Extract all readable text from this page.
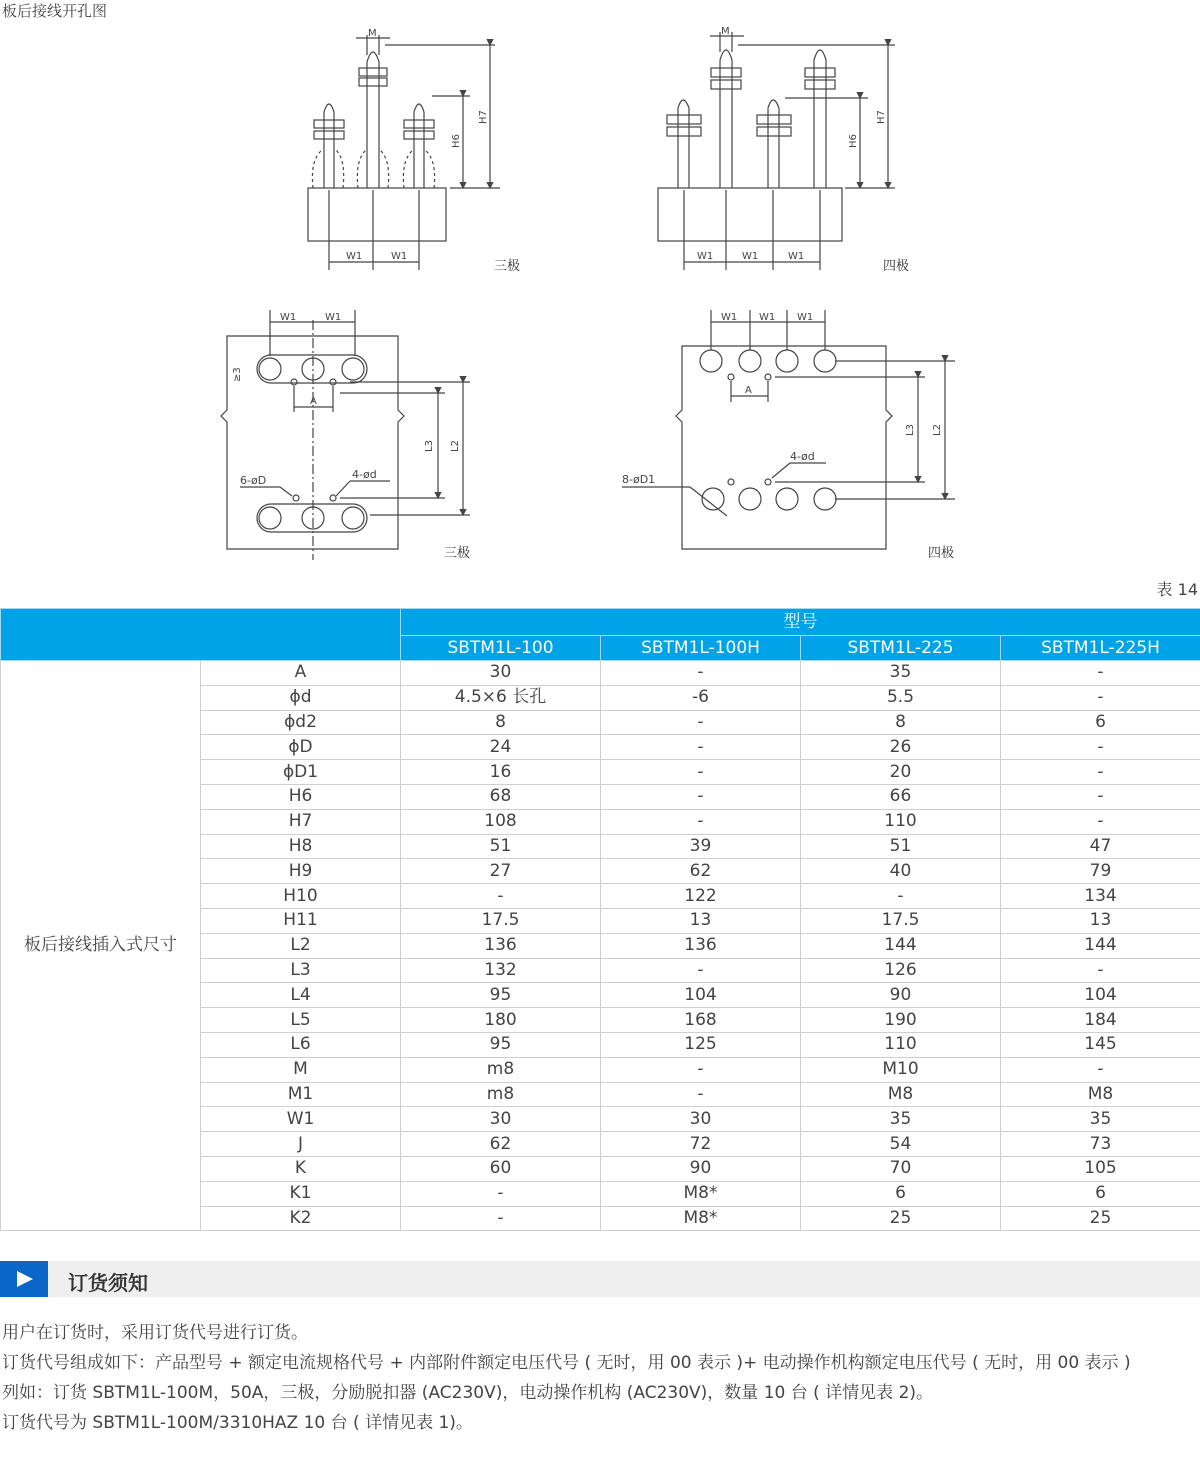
板后接线开孔图
M
H7
H6
W1	W1
三极
M
H7
H6
W1	W1	W1
四极
W1	W1
A
≥3
L3 L2
6-øD	4-ød
三极
W1 W1 W1
A
L3 L2
8-øD1
4-ød
四极
表 14
		型号			
		SBTM1L-100	SBTM1L-100H	SBTM1L-225	SBTM1L-225H
板后接线插入式尺寸	A	30	-	35	-
	ϕd	4.5×6 长孔	-6	5.5	-
	ϕd2	8	-	8	6
	ϕD	24	-	26	-
	ϕD1	16	-	20	-
	H6	68	-	66	-
	H7	108	-	110	-
	H8	51	39	51	47
	H9	27	62	40	79
	H10	-	122	-	134
	H11	17.5	13	17.5	13
	L2	136	136	144	144
	L3	132	-	126	-
	L4	95	104	90	104
	L5	180	168	190	184
	L6	95	125	110	145
	M	m8	-	M10	-
	M1	m8	-	M8	M8
	W1	30	30	35	35
	J	62	72	54	73
	K	60	90	70	105
	K1	-	M8*	6	6
	K2	-	M8*	25	25
订货须知

用户在订货时，采用订货代号进行订货。

订货代号组成如下：产品型号 + 额定电流规格代号 + 内部附件额定电压代号 ( 无时，用 00 表示 )+ 电动操作机构额定电压代号 ( 无时，用 00 表示 )

列如：订货 SBTM1L-100M，50A，三极，分励脱扣器 (AC230V)，电动操作机构 (AC230V)，数量 10 台 ( 详情见表 2)。

订货代号为 SBTM1L-100M/3310HAZ 10 台 ( 详情见表 1)。
